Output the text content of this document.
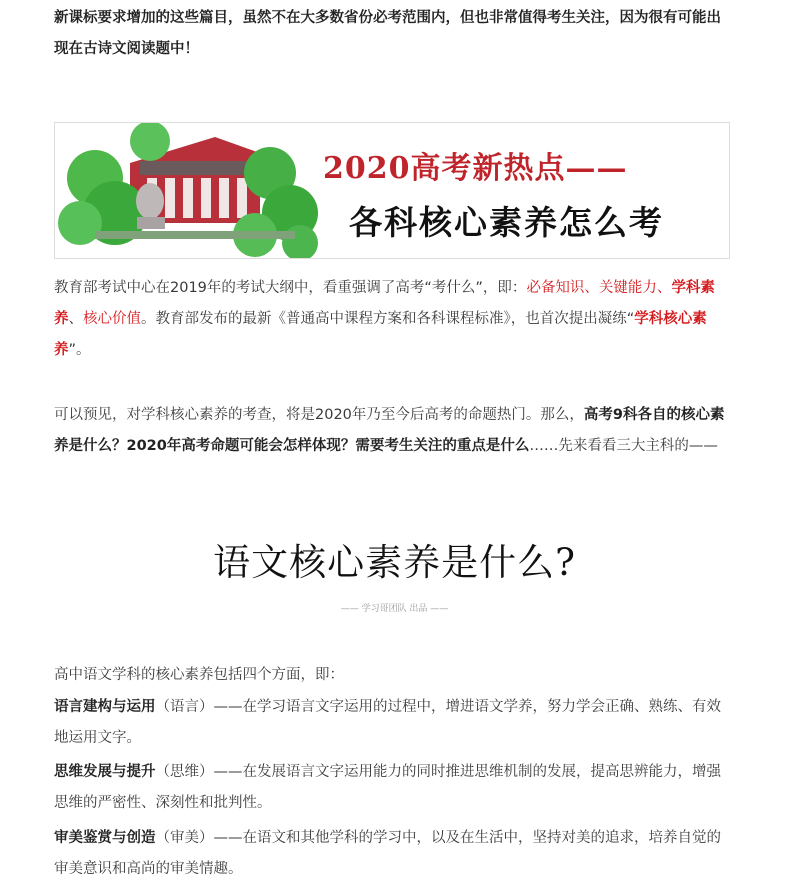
新课标要求增加的这些篇目，虽然不在大多数省份必考范围内，但也非常值得考生关注，因为很有可能出现在古诗文阅读题中！

2020高考新热点——
各科核心素养怎么考

教育部考试中心在2019年的考试大纲中，看重强调了高考“考什么”，即：必备知识、关键能力、学科素养、核心价值。教育部发布的最新《普通高中课程方案和各科课程标准》，也首次提出凝练“学科核心素养”。

可以预见，对学科核心素养的考查，将是2020年乃至今后高考的命题热门。那么，高考9科各自的核心素养是什么？2020年高考命题可能会怎样体现？需要考生关注的重点是什么……先来看看三大主科的——

语文核心素养是什么?
—— 学习哥团队 出品 ——

高中语文学科的核心素养包括四个方面，即：

语言建构与运用（语言）——在学习语言文字运用的过程中，增进语文学养，努力学会正确、熟练、有效地运用文字。

思维发展与提升（思维）——在发展语言文字运用能力的同时推进思维机制的发展，提高思辨能力，增强思维的严密性、深刻性和批判性。

审美鉴赏与创造（审美）——在语文和其他学科的学习中，以及在生活中，坚持对美的追求，培养自觉的审美意识和高尚的审美情趣。
